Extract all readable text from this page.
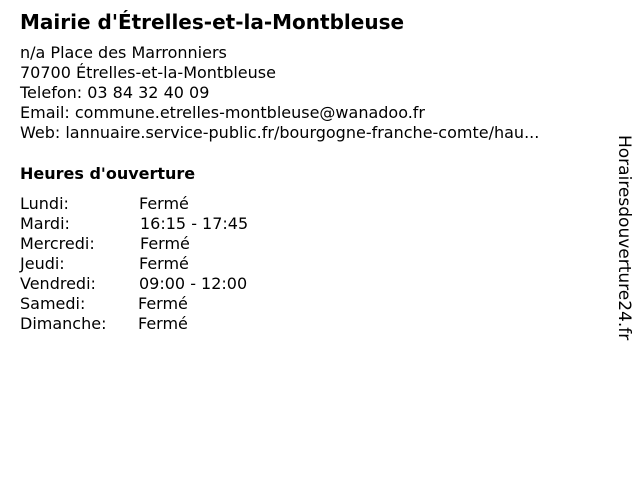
Mairie d'Étrelles-et-la-Montbleuse
n/a Place des Marronniers
70700 Étrelles-et-la-Montbleuse
Telefon: 03 84 32 40 09
Email: commune.etrelles-montbleuse@wanadoo.fr
Web: lannuaire.service-public.fr/bourgogne-franche-comte/hau...
Heures d'ouverture
Lundi:	Fermé
Mardi:	16:15 - 17:45
Mercredi:	Fermé
Jeudi:	Fermé
Vendredi:	09:00 - 12:00
Samedi:	Fermé
Dimanche: Fermé	Horairesdouverture24.fr
